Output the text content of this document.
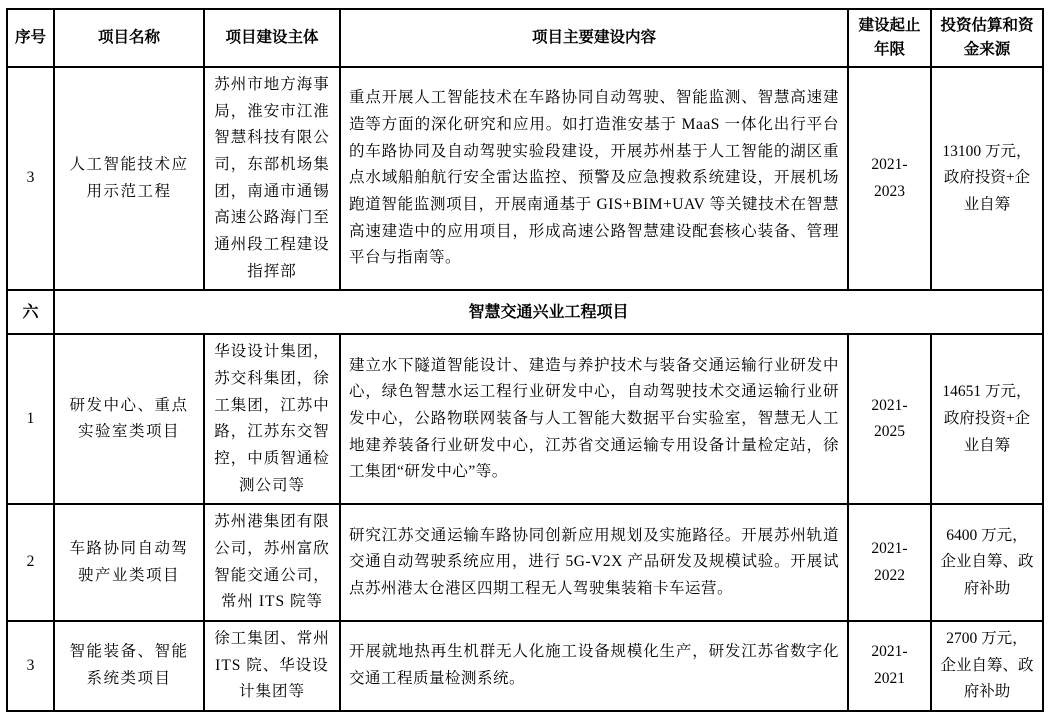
序号	项目名称	项目建设主体	项目主要建设内容	建设起止年限	投资估算和资金来源
3	人工智能技术应用示范工程	苏州市地方海事局，淮安市江淮智慧科技有限公司，东部机场集团，南通市通锡高速公路海门至通州段工程建设指挥部	重点开展人工智能技术在车路协同自动驾驶、智能监测、智慧高速建造等方面的深化研究和应用。如打造淮安基于 MaaS 一体化出行平台的车路协同及自动驾驶实验段建设，开展苏州基于人工智能的湖区重点水域船舶航行安全雷达监控、预警及应急搜救系统建设，开展机场跑道智能监测项目，开展南通基于 GIS+BIM+UAV 等关键技术在智慧高速建造中的应用项目，形成高速公路智慧建设配套核心装备、管理平台与指南等。	2021-2023	13100 万元，政府投资+企业自筹
六	智慧交通兴业工程项目				
1	研发中心、重点实验室类项目	华设设计集团，苏交科集团，徐工集团，江苏中路，江苏东交智控，中质智通检测公司等	建立水下隧道智能设计、建造与养护技术与装备交通运输行业研发中心，绿色智慧水运工程行业研发中心，自动驾驶技术交通运输行业研发中心，公路物联网装备与人工智能大数据平台实验室，智慧无人工地建养装备行业研发中心，江苏省交通运输专用设备计量检定站，徐工集团“研发中心”等。	2021-2025	14651 万元，政府投资+企业自筹
2	车路协同自动驾驶产业类项目	苏州港集团有限公司，苏州富欣智能交通公司，常州 ITS 院等	研究江苏交通运输车路协同创新应用规划及实施路径。开展苏州轨道交通自动驾驶系统应用，进行 5G-V2X 产品研发及规模试验。开展试点苏州港太仓港区四期工程无人驾驶集装箱卡车运营。	2021-2022	6400 万元，企业自筹、政府补助
3	智能装备、智能系统类项目	徐工集团、常州 ITS 院、华设设计集团等	开展就地热再生机群无人化施工设备规模化生产，研发江苏省数字化交通工程质量检测系统。	2021-2021	2700 万元，企业自筹、政府补助
